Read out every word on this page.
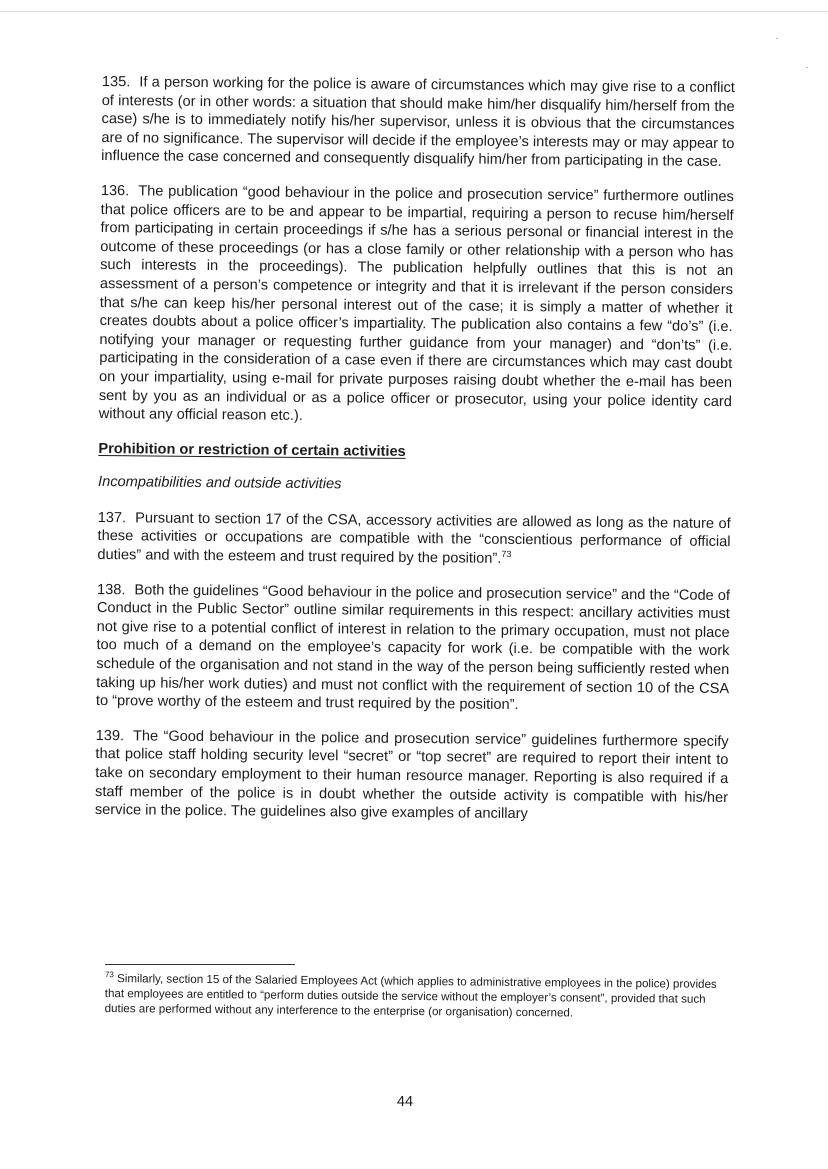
135. If a person working for the police is aware of circumstances which may give rise to a conflict of interests (or in other words: a situation that should make him/her disqualify him/herself from the case) s/he is to immediately notify his/her supervisor, unless it is obvious that the circumstances are of no significance. The supervisor will decide if the employee’s interests may or may appear to influence the case concerned and consequently disqualify him/her from participating in the case.

136. The publication “good behaviour in the police and prosecution service” furthermore outlines that police officers are to be and appear to be impartial, requiring a person to recuse him/herself from participating in certain proceedings if s/he has a serious personal or financial interest in the outcome of these proceedings (or has a close family or other relationship with a person who has such interests in the proceedings). The publication helpfully outlines that this is not an assessment of a person’s competence or integrity and that it is irrelevant if the person considers that s/he can keep his/her personal interest out of the case; it is simply a matter of whether it creates doubts about a police officer’s impartiality. The publication also contains a few “do’s” (i.e. notifying your manager or requesting further guidance from your manager) and “don’ts” (i.e. participating in the consideration of a case even if there are circumstances which may cast doubt on your impartiality, using e-mail for private purposes raising doubt whether the e-mail has been sent by you as an individual or as a police officer or prosecutor, using your police identity card without any official reason etc.).

Prohibition or restriction of certain activities
Incompatibilities and outside activities

137. Pursuant to section 17 of the CSA, accessory activities are allowed as long as the nature of these activities or occupations are compatible with the “conscientious performance of official duties” and with the esteem and trust required by the position”.$^{73}$

138. Both the guidelines “Good behaviour in the police and prosecution service” and the “Code of Conduct in the Public Sector” outline similar requirements in this respect: ancillary activities must not give rise to a potential conflict of interest in relation to the primary occupation, must not place too much of a demand on the employee’s capacity for work (i.e. be compatible with the work schedule of the organisation and not stand in the way of the person being sufficiently rested when taking up his/her work duties) and must not conflict with the requirement of section 10 of the CSA to “prove worthy of the esteem and trust required by the position”.

139. The “Good behaviour in the police and prosecution service” guidelines furthermore specify that police staff holding security level “secret” or “top secret” are required to report their intent to take on secondary employment to their human resource manager. Reporting is also required if a staff member of the police is in doubt whether the outside activity is compatible with his/her service in the police. The guidelines also give examples of ancillary

$^{73}$ Similarly, section 15 of the Salaried Employees Act (which applies to administrative employees in the police) provides that employees are entitled to “perform duties outside the service without the employer’s consent”, provided that such duties are performed without any interference to the enterprise (or organisation) concerned.

44
